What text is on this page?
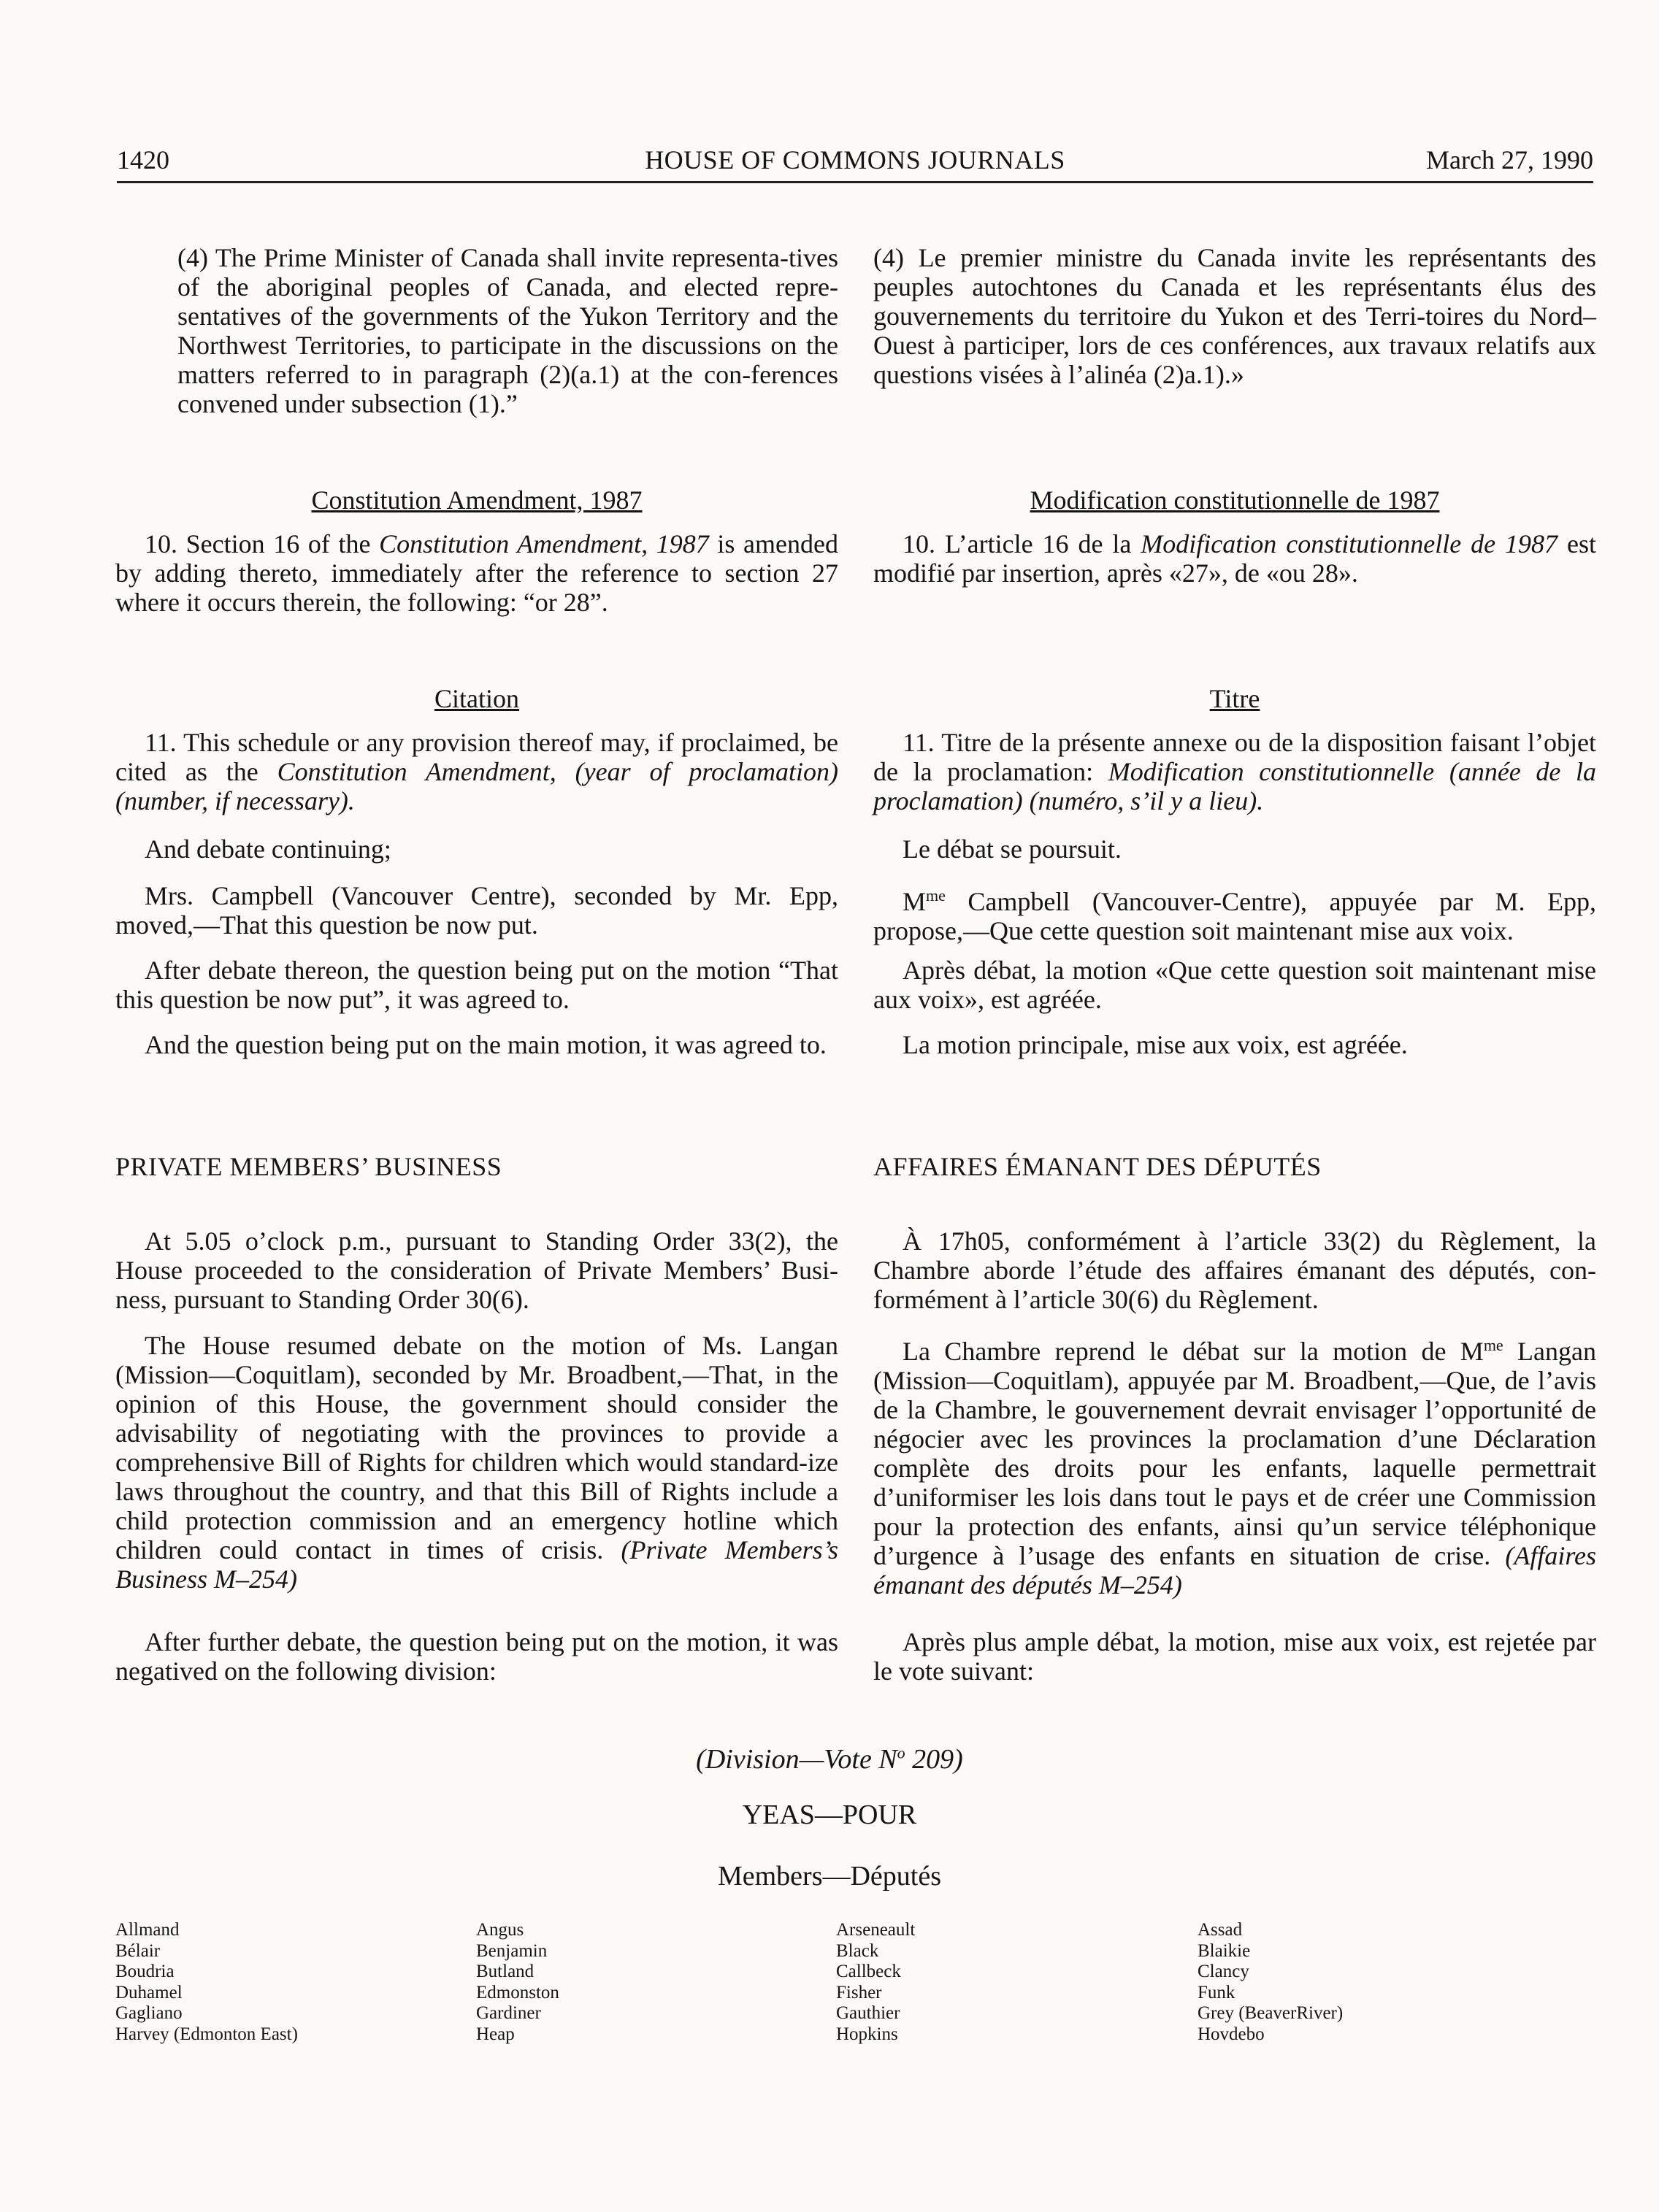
HOUSE OF COMMONS JOURNALS
1420	March 27, 1990

(4) The Prime Minister of Canada shall invite representa-tives of the aboriginal peoples of Canada, and elected repre-sentatives of the governments of the Yukon Territory and the Northwest Territories, to participate in the discussions on the matters referred to in paragraph (2)(a.1) at the con-ferences convened under subsection (1).”

Constitution Amendment, 1987

10. Section 16 of the Constitution Amendment, 1987 is amended by adding thereto, immediately after the reference to section 27 where it occurs therein, the following: “or 28”.

Citation

11. This schedule or any provision thereof may, if proclaimed, be cited as the Constitution Amendment, (year of proclamation) (number, if necessary).

And debate continuing;

Mrs. Campbell (Vancouver Centre), seconded by Mr. Epp, moved,—That this question be now put.

After debate thereon, the question being put on the motion “That this question be now put”, it was agreed to.

And the question being put on the main motion, it was agreed to.

PRIVATE MEMBERS’ BUSINESS

At 5.05 o’clock p.m., pursuant to Standing Order 33(2), the House proceeded to the consideration of Private Members’ Busi-ness, pursuant to Standing Order 30(6).

The House resumed debate on the motion of Ms. Langan (Mission—Coquitlam), seconded by Mr. Broadbent,—That, in the opinion of this House, the government should consider the advisability of negotiating with the provinces to provide a comprehensive Bill of Rights for children which would standard-ize laws throughout the country, and that this Bill of Rights include a child protection commission and an emergency hotline which children could contact in times of crisis. (Private Members’s Business M–254)

After further debate, the question being put on the motion, it was negatived on the following division:

(4) Le premier ministre du Canada invite les représentants des peuples autochtones du Canada et les représentants élus des gouvernements du territoire du Yukon et des Terri-toires du Nord–Ouest à participer, lors de ces conférences, aux travaux relatifs aux questions visées à l’alinéa (2)a.1).»

Modification constitutionnelle de 1987

10. L’article 16 de la Modification constitutionnelle de 1987 est modifié par insertion, après «27», de «ou 28».

Titre

11. Titre de la présente annexe ou de la disposition faisant l’objet de la proclamation: Modification constitutionnelle (année de la proclamation) (numéro, s’il y a lieu).

Le débat se poursuit.

$M^{me}$ Campbell (Vancouver-Centre), appuyée par M. Epp, propose,—Que cette question soit maintenant mise aux voix.

Après débat, la motion «Que cette question soit maintenant mise aux voix», est agréée.

La motion principale, mise aux voix, est agréée.

AFFAIRES ÉMANANT DES DÉPUTÉS

À 17h05, conformément à l’article 33(2) du Règlement, la Chambre aborde l’étude des affaires émanant des députés, con-formément à l’article 30(6) du Règlement.

La Chambre reprend le débat sur la motion de $M^{me}$ Langan (Mission—Coquitlam), appuyée par M. Broadbent,—Que, de l’avis de la Chambre, le gouvernement devrait envisager l’opportunité de négocier avec les provinces la proclamation d’une Déclaration complète des droits pour les enfants, laquelle permettrait d’uniformiser les lois dans tout le pays et de créer une Commission pour la protection des enfants, ainsi qu’un service téléphonique d’urgence à l’usage des enfants en situation de crise. (Affaires émanant des députés M–254)

Après plus ample débat, la motion, mise aux voix, est rejetée par le vote suivant:

(Division—Vote $N^o$ 209)
YEAS—POUR
Members—Députés
Allmand
Bélair
Boudria
Duhamel
Gagliano
Harvey (Edmonton East)
Angus
Benjamin
Butland
Edmonston
Gardiner
Heap
Arseneault
Black
Callbeck
Fisher
Gauthier
Hopkins
Assad
Blaikie
Clancy
Funk
Grey (BeaverRiver)
Hovdebo
